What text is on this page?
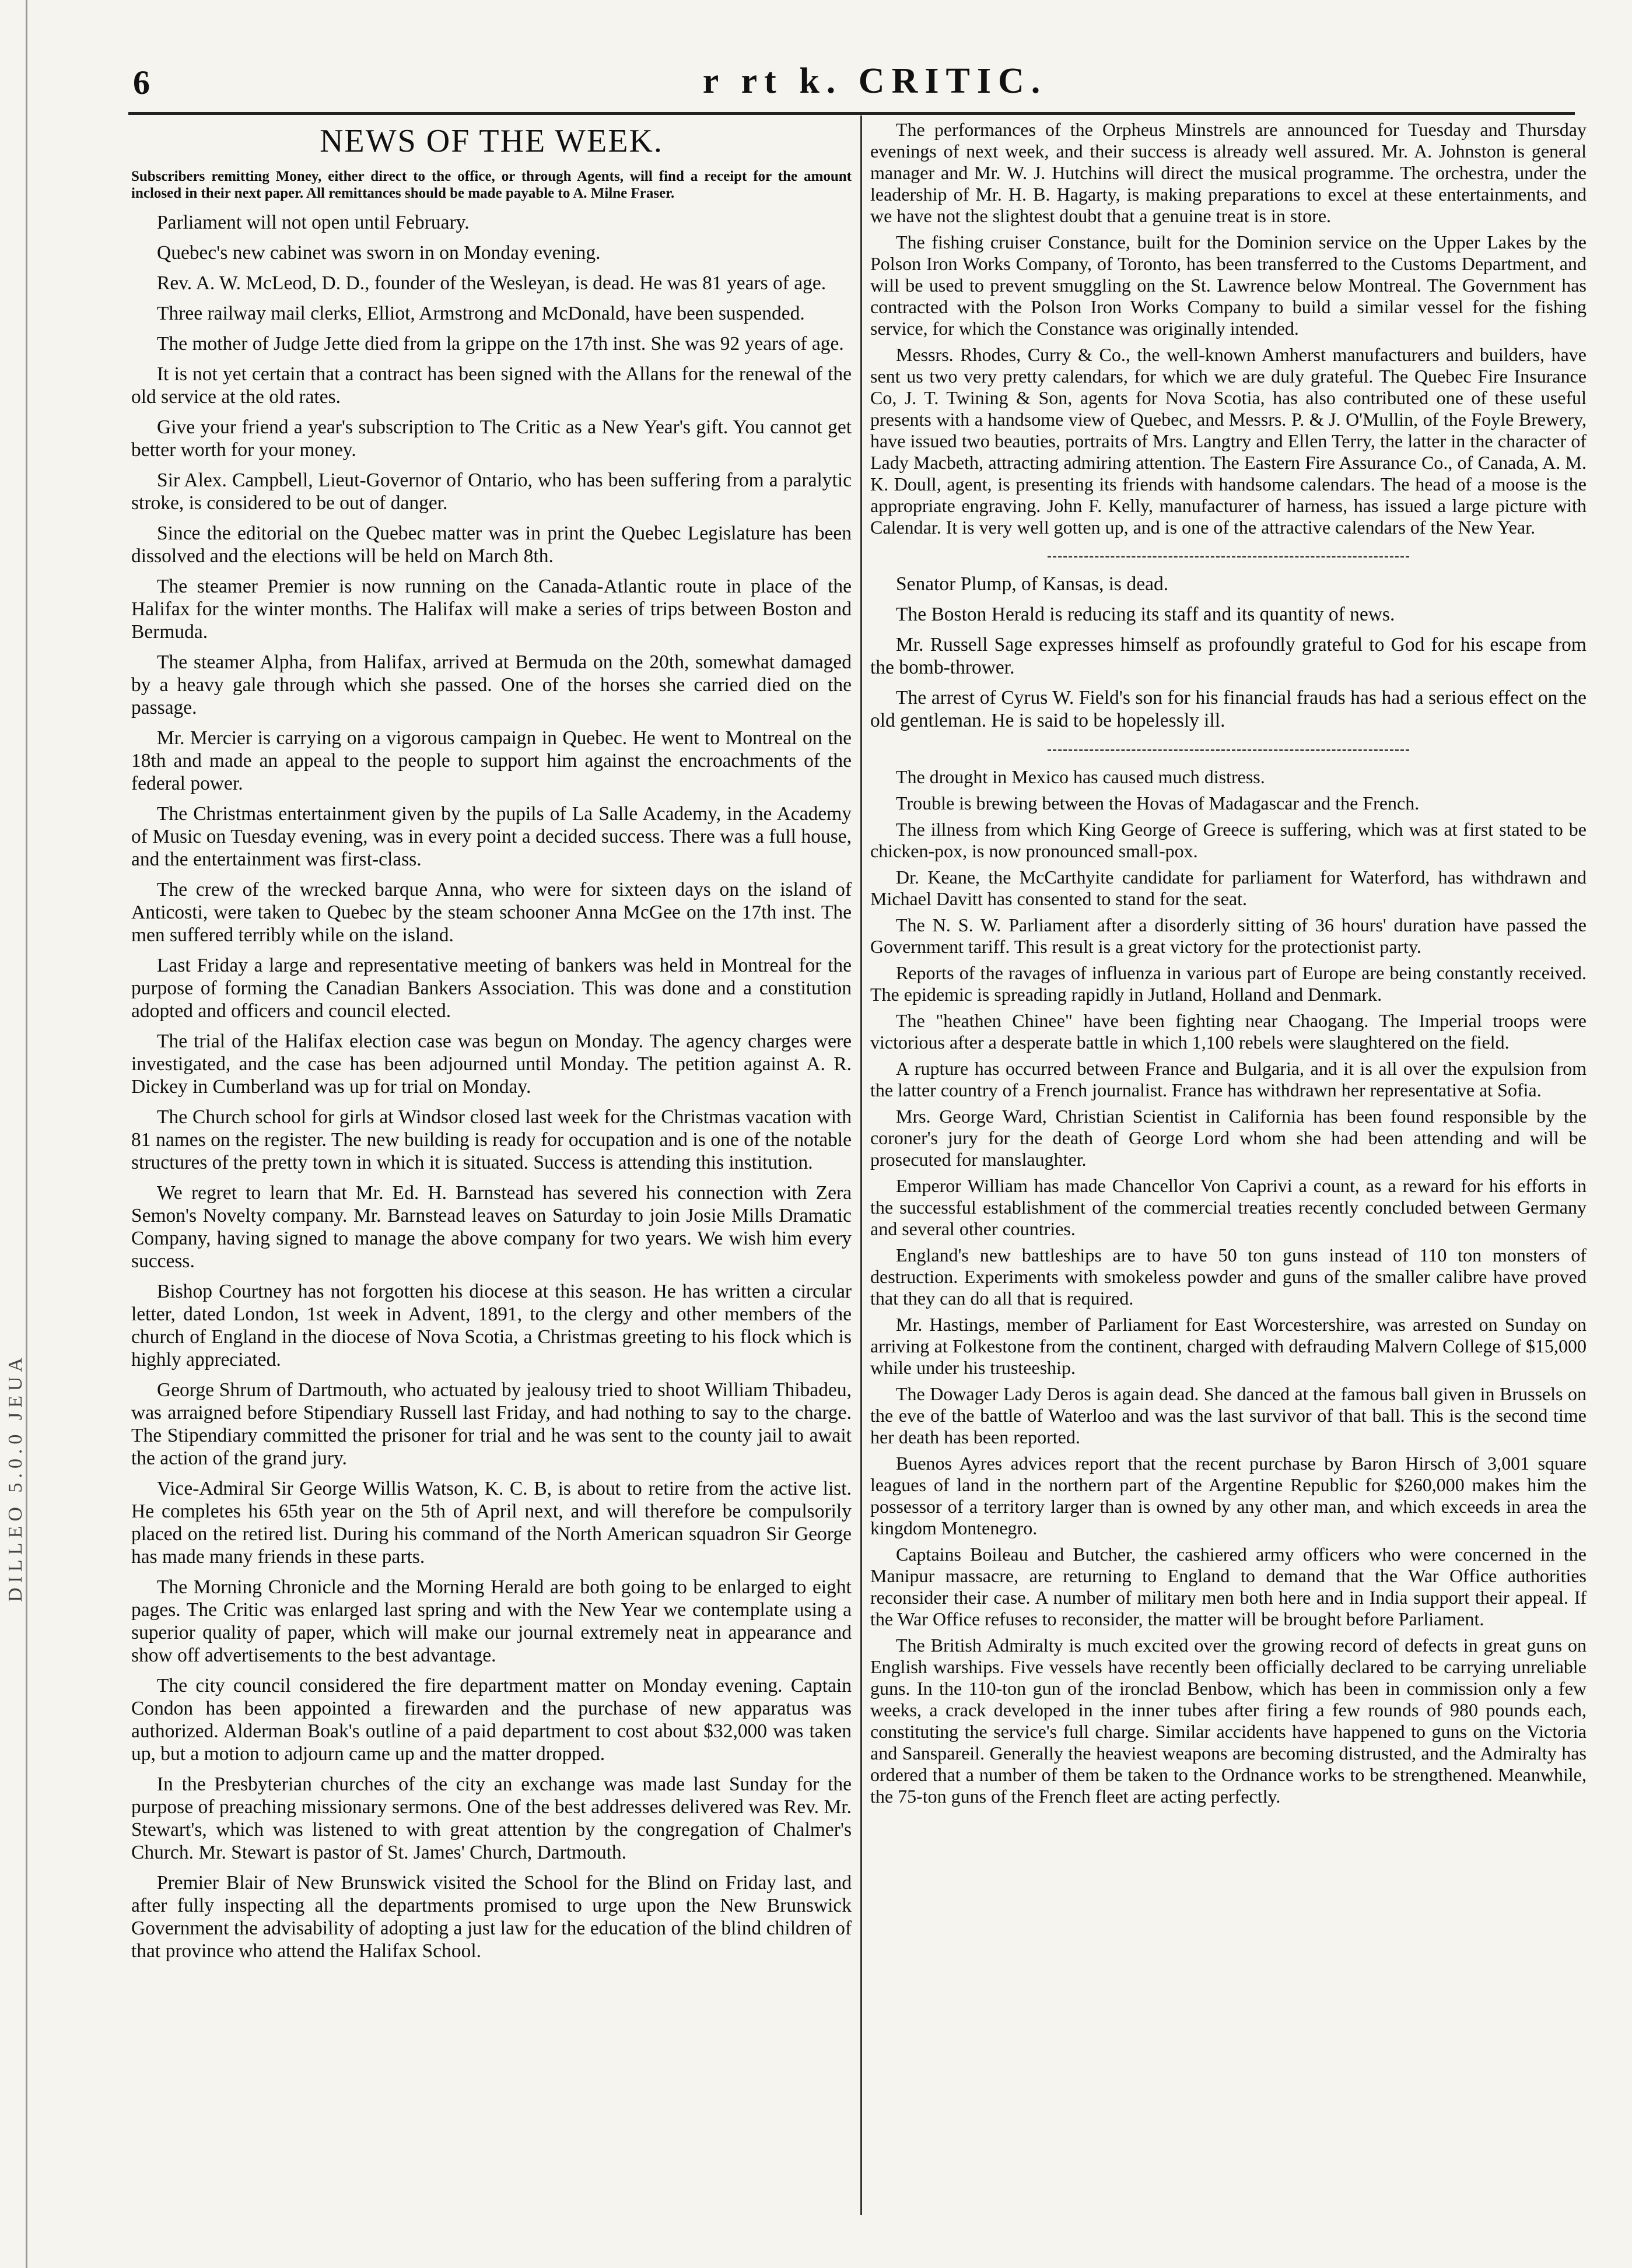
DILLEO 5.0.0 JEUA
6	r rt k. CRITIC.
NEWS OF THE WEEK.

Subscribers remitting Money, either direct to the office, or through Agents, will find a receipt for the amount inclosed in their next paper. All remittances should be made payable to A. Milne Fraser.

Parliament will not open until February.

Quebec's new cabinet was sworn in on Monday evening.

Rev. A. W. McLeod, D. D., founder of the Wesleyan, is dead. He was 81 years of age.

Three railway mail clerks, Elliot, Armstrong and McDonald, have been suspended.

The mother of Judge Jette died from la grippe on the 17th inst. She was 92 years of age.

It is not yet certain that a contract has been signed with the Allans for the renewal of the old service at the old rates.

Give your friend a year's subscription to The Critic as a New Year's gift. You cannot get better worth for your money.

Sir Alex. Campbell, Lieut-Governor of Ontario, who has been suffering from a paralytic stroke, is considered to be out of danger.

Since the editorial on the Quebec matter was in print the Quebec Legislature has been dissolved and the elections will be held on March 8th.

The steamer Premier is now running on the Canada-Atlantic route in place of the Halifax for the winter months. The Halifax will make a series of trips between Boston and Bermuda.

The steamer Alpha, from Halifax, arrived at Bermuda on the 20th, somewhat damaged by a heavy gale through which she passed. One of the horses she carried died on the passage.

Mr. Mercier is carrying on a vigorous campaign in Quebec. He went to Montreal on the 18th and made an appeal to the people to support him against the encroachments of the federal power.

The Christmas entertainment given by the pupils of La Salle Academy, in the Academy of Music on Tuesday evening, was in every point a decided success. There was a full house, and the entertainment was first-class.

The crew of the wrecked barque Anna, who were for sixteen days on the island of Anticosti, were taken to Quebec by the steam schooner Anna McGee on the 17th inst. The men suffered terribly while on the island.

Last Friday a large and representative meeting of bankers was held in Montreal for the purpose of forming the Canadian Bankers Association. This was done and a constitution adopted and officers and council elected.

The trial of the Halifax election case was begun on Monday. The agency charges were investigated, and the case has been adjourned until Monday. The petition against A. R. Dickey in Cumberland was up for trial on Monday.

The Church school for girls at Windsor closed last week for the Christmas vacation with 81 names on the register. The new building is ready for occupation and is one of the notable structures of the pretty town in which it is situated. Success is attending this institution.

We regret to learn that Mr. Ed. H. Barnstead has severed his connection with Zera Semon's Novelty company. Mr. Barnstead leaves on Saturday to join Josie Mills Dramatic Company, having signed to manage the above company for two years. We wish him every success.

Bishop Courtney has not forgotten his diocese at this season. He has written a circular letter, dated London, 1st week in Advent, 1891, to the clergy and other members of the church of England in the diocese of Nova Scotia, a Christmas greeting to his flock which is highly appreciated.

George Shrum of Dartmouth, who actuated by jealousy tried to shoot William Thibadeu, was arraigned before Stipendiary Russell last Friday, and had nothing to say to the charge. The Stipendiary committed the prisoner for trial and he was sent to the county jail to await the action of the grand jury.

Vice-Admiral Sir George Willis Watson, K. C. B, is about to retire from the active list. He completes his 65th year on the 5th of April next, and will therefore be compulsorily placed on the retired list. During his command of the North American squadron Sir George has made many friends in these parts.

The Morning Chronicle and the Morning Herald are both going to be enlarged to eight pages. The Critic was enlarged last spring and with the New Year we contemplate using a superior quality of paper, which will make our journal extremely neat in appearance and show off advertisements to the best advantage.

The city council considered the fire department matter on Monday evening. Captain Condon has been appointed a firewarden and the purchase of new apparatus was authorized. Alderman Boak's outline of a paid department to cost about $32,000 was taken up, but a motion to adjourn came up and the matter dropped.

In the Presbyterian churches of the city an exchange was made last Sunday for the purpose of preaching missionary sermons. One of the best addresses delivered was Rev. Mr. Stewart's, which was listened to with great attention by the congregation of Chalmer's Church. Mr. Stewart is pastor of St. James' Church, Dartmouth.

Premier Blair of New Brunswick visited the School for the Blind on Friday last, and after fully inspecting all the departments promised to urge upon the New Brunswick Government the advisability of adopting a just law for the education of the blind children of that province who attend the Halifax School.

The performances of the Orpheus Minstrels are announced for Tuesday and Thursday evenings of next week, and their success is already well assured. Mr. A. Johnston is general manager and Mr. W. J. Hutchins will direct the musical programme. The orchestra, under the leadership of Mr. H. B. Hagarty, is making preparations to excel at these entertainments, and we have not the slightest doubt that a genuine treat is in store.

The fishing cruiser Constance, built for the Dominion service on the Upper Lakes by the Polson Iron Works Company, of Toronto, has been transferred to the Customs Department, and will be used to prevent smuggling on the St. Lawrence below Montreal. The Government has contracted with the Polson Iron Works Company to build a similar vessel for the fishing service, for which the Constance was originally intended.

Messrs. Rhodes, Curry & Co., the well-known Amherst manufacturers and builders, have sent us two very pretty calendars, for which we are duly grateful. The Quebec Fire Insurance Co, J. T. Twining & Son, agents for Nova Scotia, has also contributed one of these useful presents with a handsome view of Quebec, and Messrs. P. & J. O'Mullin, of the Foyle Brewery, have issued two beauties, portraits of Mrs. Langtry and Ellen Terry, the latter in the character of Lady Macbeth, attracting admiring attention. The Eastern Fire Assurance Co., of Canada, A. M. K. Doull, agent, is presenting its friends with handsome calendars. The head of a moose is the appropriate engraving. John F. Kelly, manufacturer of harness, has issued a large picture with Calendar. It is very well gotten up, and is one of the attractive calendars of the New Year.

Senator Plump, of Kansas, is dead.

The Boston Herald is reducing its staff and its quantity of news.

Mr. Russell Sage expresses himself as profoundly grateful to God for his escape from the bomb-thrower.

The arrest of Cyrus W. Field's son for his financial frauds has had a serious effect on the old gentleman. He is said to be hopelessly ill.

The drought in Mexico has caused much distress.

Trouble is brewing between the Hovas of Madagascar and the French.

The illness from which King George of Greece is suffering, which was at first stated to be chicken-pox, is now pronounced small-pox.

Dr. Keane, the McCarthyite candidate for parliament for Waterford, has withdrawn and Michael Davitt has consented to stand for the seat.

The N. S. W. Parliament after a disorderly sitting of 36 hours' duration have passed the Government tariff. This result is a great victory for the protectionist party.

Reports of the ravages of influenza in various part of Europe are being constantly received. The epidemic is spreading rapidly in Jutland, Holland and Denmark.

The "heathen Chinee" have been fighting near Chaogang. The Imperial troops were victorious after a desperate battle in which 1,100 rebels were slaughtered on the field.

A rupture has occurred between France and Bulgaria, and it is all over the expulsion from the latter country of a French journalist. France has withdrawn her representative at Sofia.

Mrs. George Ward, Christian Scientist in California has been found responsible by the coroner's jury for the death of George Lord whom she had been attending and will be prosecuted for manslaughter.

Emperor William has made Chancellor Von Caprivi a count, as a reward for his efforts in the successful establishment of the commercial treaties recently concluded between Germany and several other countries.

England's new battleships are to have 50 ton guns instead of 110 ton monsters of destruction. Experiments with smokeless powder and guns of the smaller calibre have proved that they can do all that is required.

Mr. Hastings, member of Parliament for East Worcestershire, was arrested on Sunday on arriving at Folkestone from the continent, charged with defrauding Malvern College of $15,000 while under his trusteeship.

The Dowager Lady Deros is again dead. She danced at the famous ball given in Brussels on the eve of the battle of Waterloo and was the last survivor of that ball. This is the second time her death has been reported.

Buenos Ayres advices report that the recent purchase by Baron Hirsch of 3,001 square leagues of land in the northern part of the Argentine Republic for $260,000 makes him the possessor of a territory larger than is owned by any other man, and which exceeds in area the kingdom Montenegro.

Captains Boileau and Butcher, the cashiered army officers who were concerned in the Manipur massacre, are returning to England to demand that the War Office authorities reconsider their case. A number of military men both here and in India support their appeal. If the War Office refuses to reconsider, the matter will be brought before Parliament.

The British Admiralty is much excited over the growing record of defects in great guns on English warships. Five vessels have recently been officially declared to be carrying unreliable guns. In the 110-ton gun of the ironclad Benbow, which has been in commission only a few weeks, a crack developed in the inner tubes after firing a few rounds of 980 pounds each, constituting the service's full charge. Similar accidents have happened to guns on the Victoria and Sanspareil. Generally the heaviest weapons are becoming distrusted, and the Admiralty has ordered that a number of them be taken to the Ordnance works to be strengthened. Meanwhile, the 75-ton guns of the French fleet are acting perfectly.
